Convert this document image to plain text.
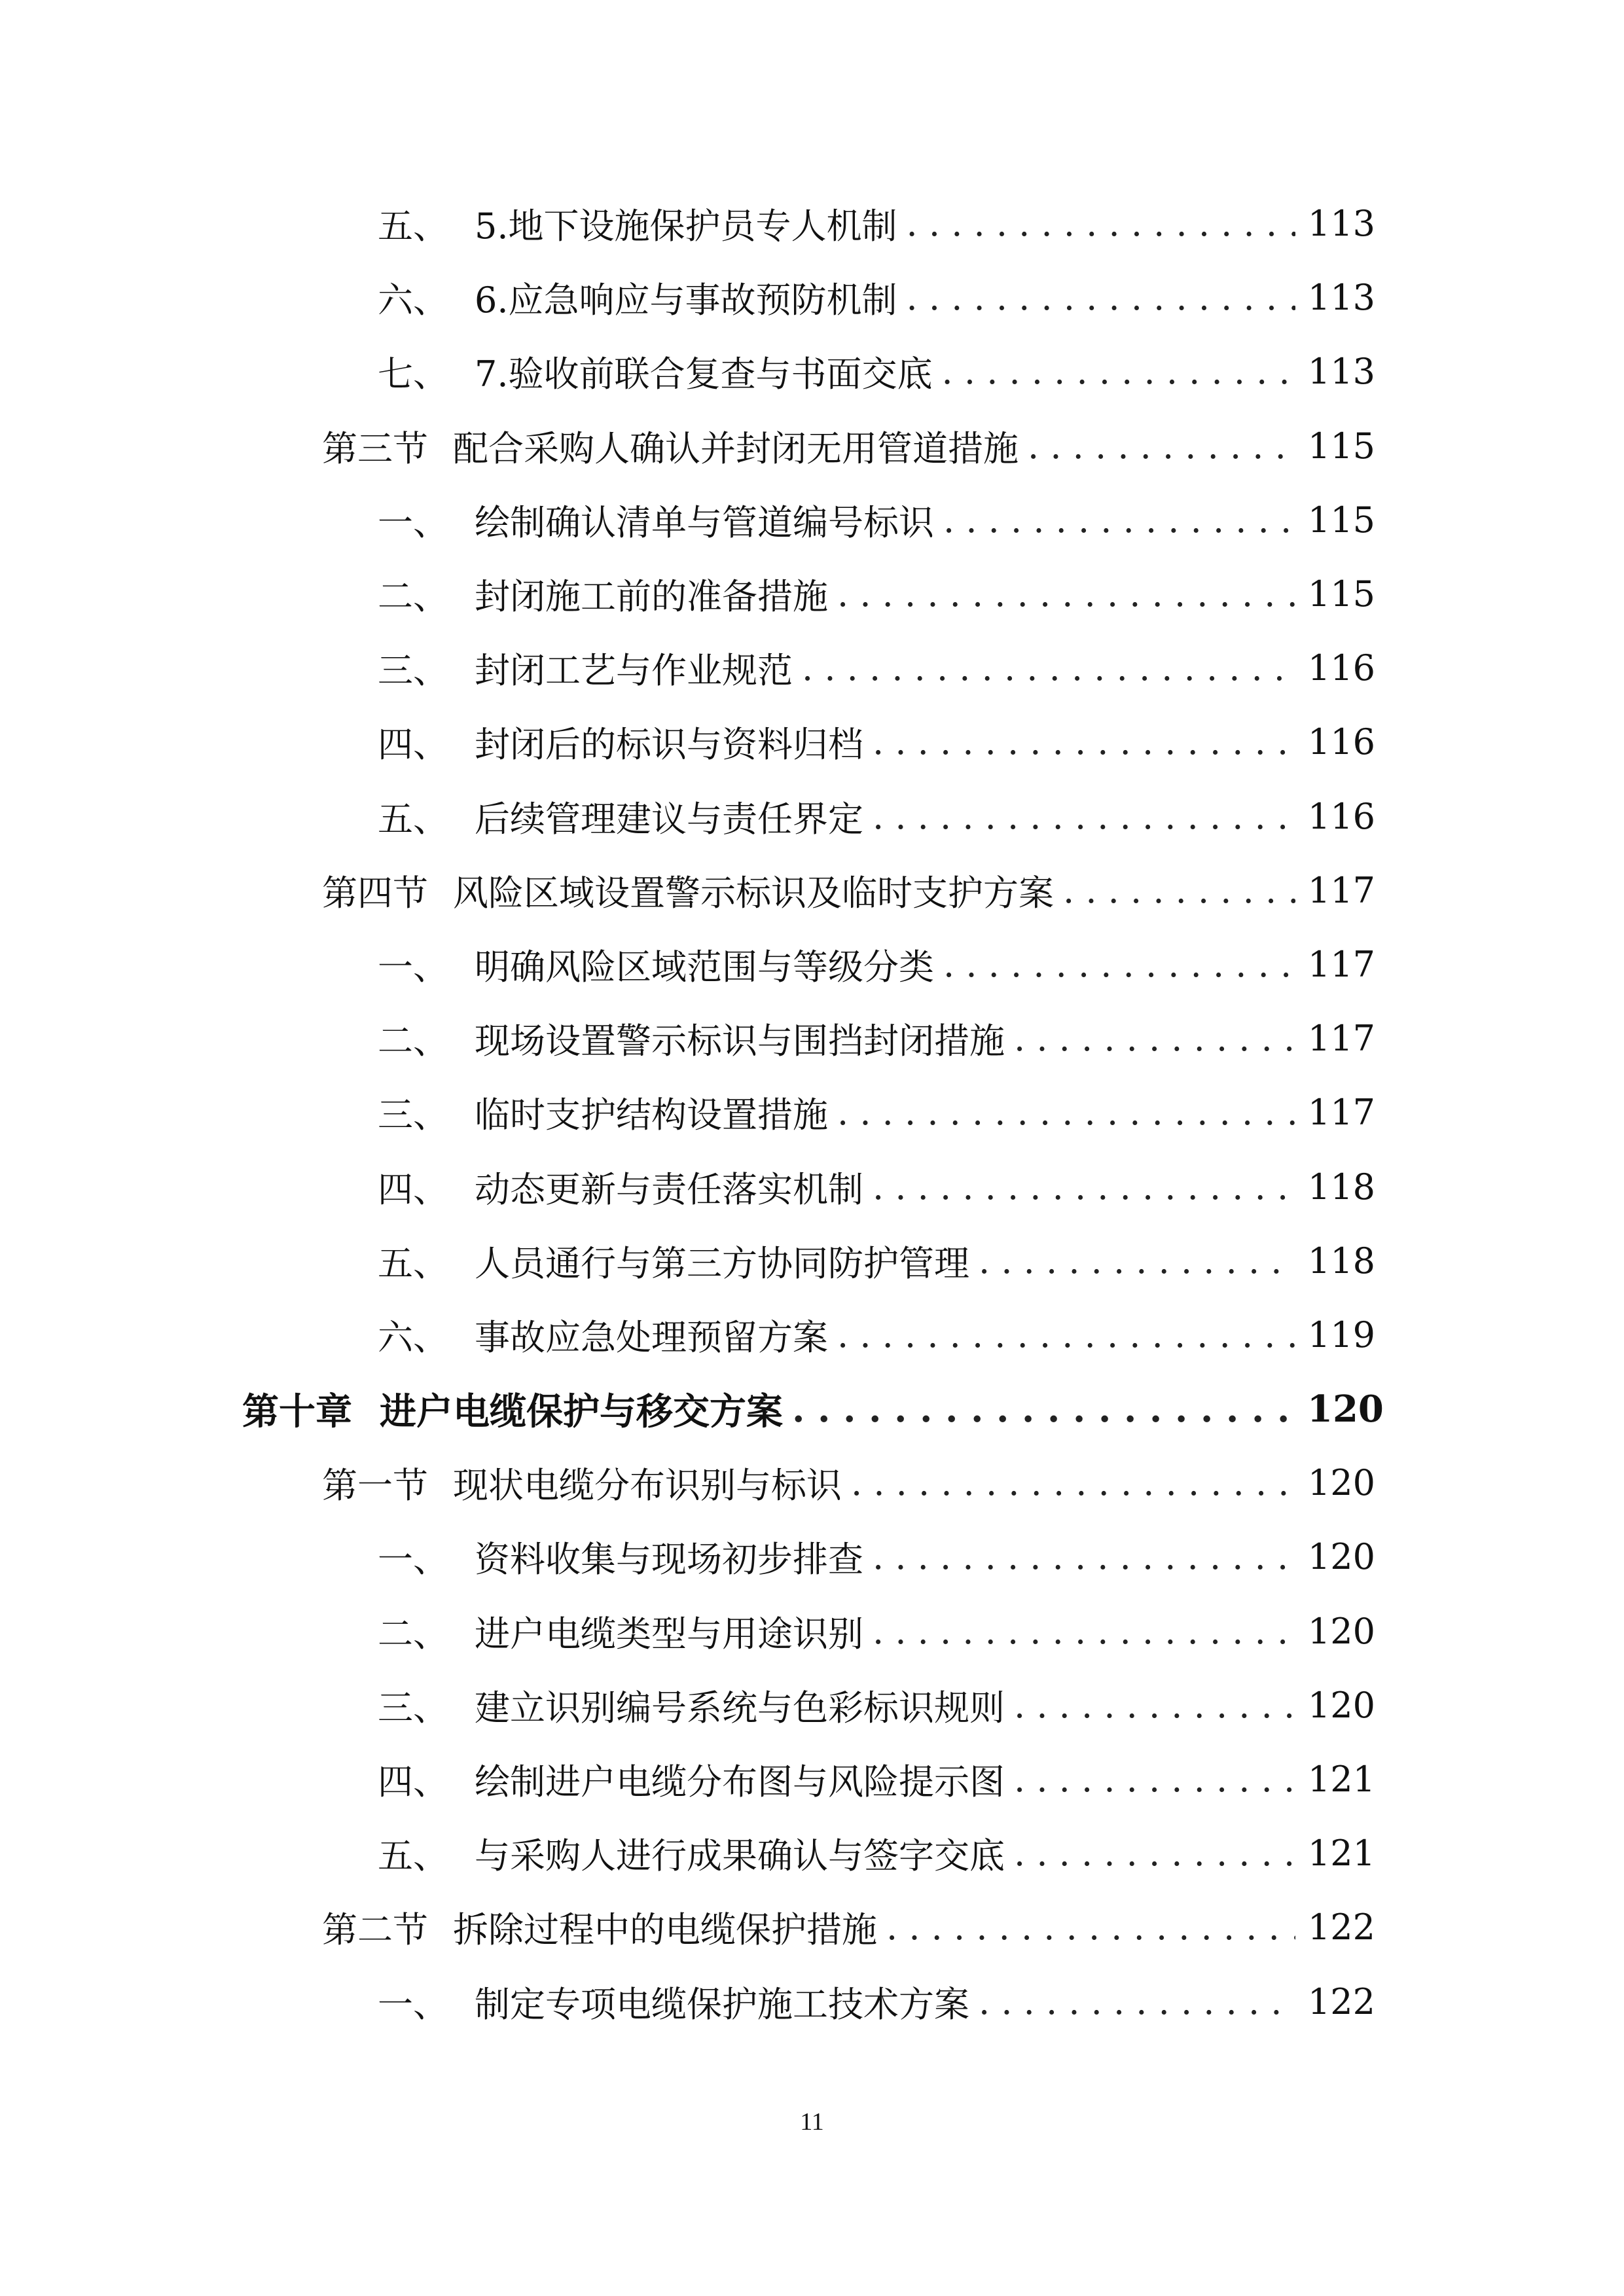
五、 5.地下设施保护员专人机制 . . .	113
六、 6.应急响应与事故预防机制 . . .	113
七、 7.验收前联合复查与书面交底 . . .	113
第三节 配合采购人确认并封闭无用管道措施 . . .	115
一、 绘制确认清单与管道编号标识 . . .	115
二、 封闭施工前的准备措施 . . .	115
三、 封闭工艺与作业规范 . . .	116
四、 封闭后的标识与资料归档 . . .	116
五、 后续管理建议与责任界定 . . .	116
第四节 风险区域设置警示标识及临时支护方案 . . .	117
一、 明确风险区域范围与等级分类 . . .	117
二、 现场设置警示标识与围挡封闭措施 . . .	117
三、 临时支护结构设置措施 . . .	117
四、 动态更新与责任落实机制 . . .	118
五、 人员通行与第三方协同防护管理 . . .	118
六、 事故应急处理预留方案 . . .	119
第十章 进户电缆保护与移交方案 . . .	120
第一节 现状电缆分布识别与标识 . . .	120
一、 资料收集与现场初步排查 . . .	120
二、 进户电缆类型与用途识别 . . .	120
三、 建立识别编号系统与色彩标识规则 . . .	120
四、 绘制进户电缆分布图与风险提示图 . . .	121
五、 与采购人进行成果确认与签字交底 . . .	121
第二节 拆除过程中的电缆保护措施 . . .	122
一、 制定专项电缆保护施工技术方案 . . .	122
11
